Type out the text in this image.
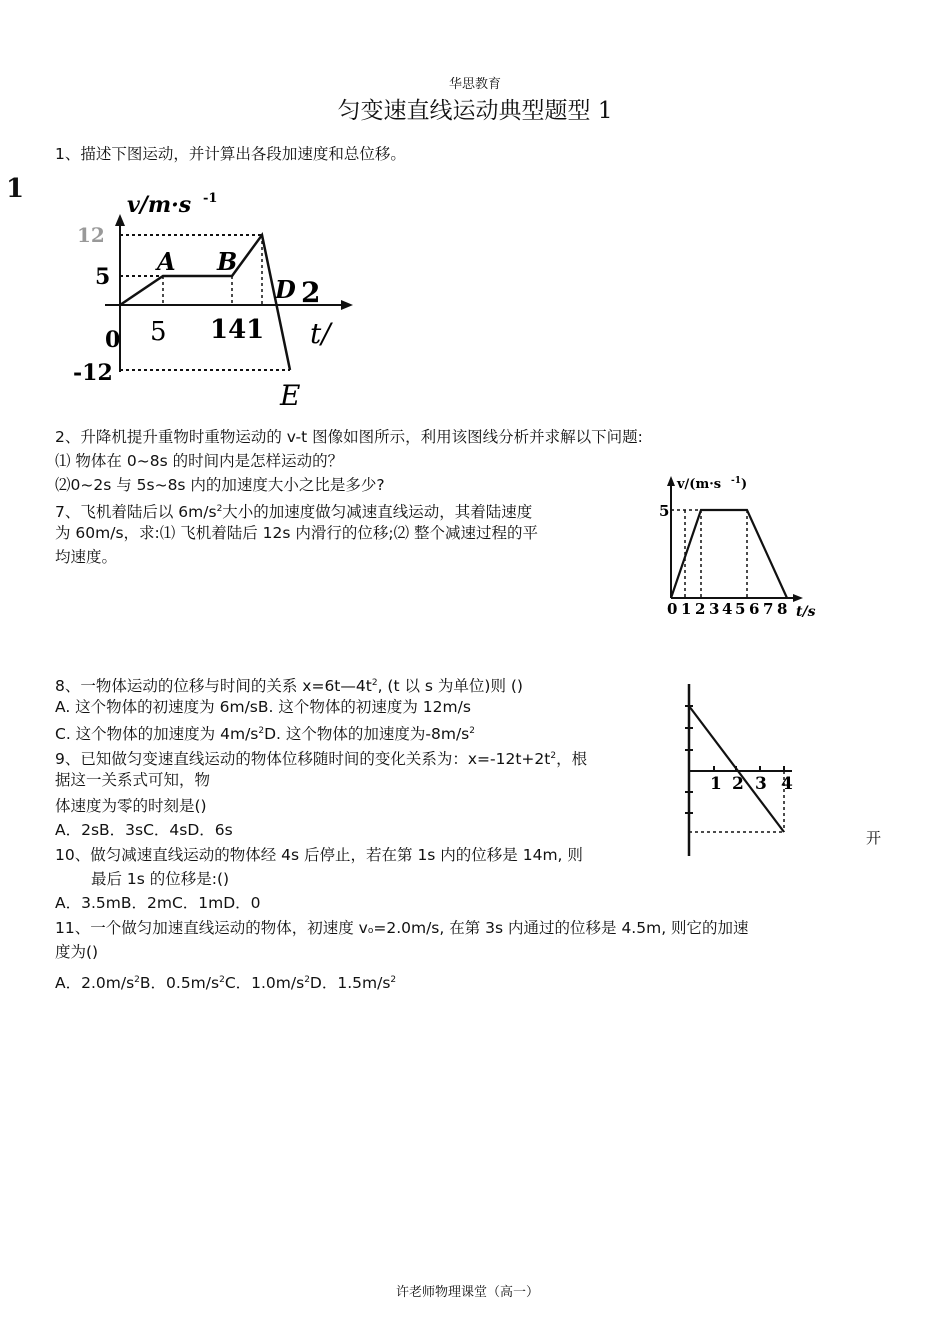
华思教育
匀变速直线运动典型题型 1
1、描述下图运动，并计算出各段加速度和总位移。
1
v/m·s -1
12
5
0
-12
5 141 t/
A B
D 2
E
2、升降机提升重物时重物运动的 v-t 图像如图所示，利用该图线分析并求解以下问题:
⑴ 物体在 0~8s 的时间内是怎样运动的？
⑵0~2s 与 5s~8s 内的加速度大小之比是多少?
7、飞机着陆后以 $6m/s^2$大小的加速度做匀减速直线运动，其着陆速度
为 60m/s，求:⑴ 飞机着陆后 12s 内滑行的位移;⑵ 整个减速过程的平
均速度。
v/(m·s -1 )
5
0 1 2 3 4 5 6 7 8 t/s
8、一物体运动的位移与时间的关系 $x=6t—4t^2$, (t 以 s 为单位)则 ()
A. 这个物体的初速度为 6m/sB. 这个物体的初速度为 12m/s
C. 这个物体的加速度为 $4m/s^2D$. 这个物体的加速度为$-8m/s^2$
9、已知做匀变速直线运动的物体位移随时间的变化关系为：$x=-12t+2t^2$，根
据这一关系式可知，物
体速度为零的时刻是()
A．2sB．3sC．4sD．6s
1 2 3 4
开
10、做匀减速直线运动的物体经 4s 后停止，若在第 1s 内的位移是 14m, 则
最后 1s 的位移是:()
A．3.5mB．2mC．1mD．0
11、一个做匀加速直线运动的物体，初速度 vo=2.0m/s, 在第 3s 内通过的位移是 4.5m, 则它的加速
度为()
A．$2.0m/s^2B$．$0.5m/s^2C$．$1.0m/s^2D$．$1.5m/s^2$
许老师物理课堂（高一）
